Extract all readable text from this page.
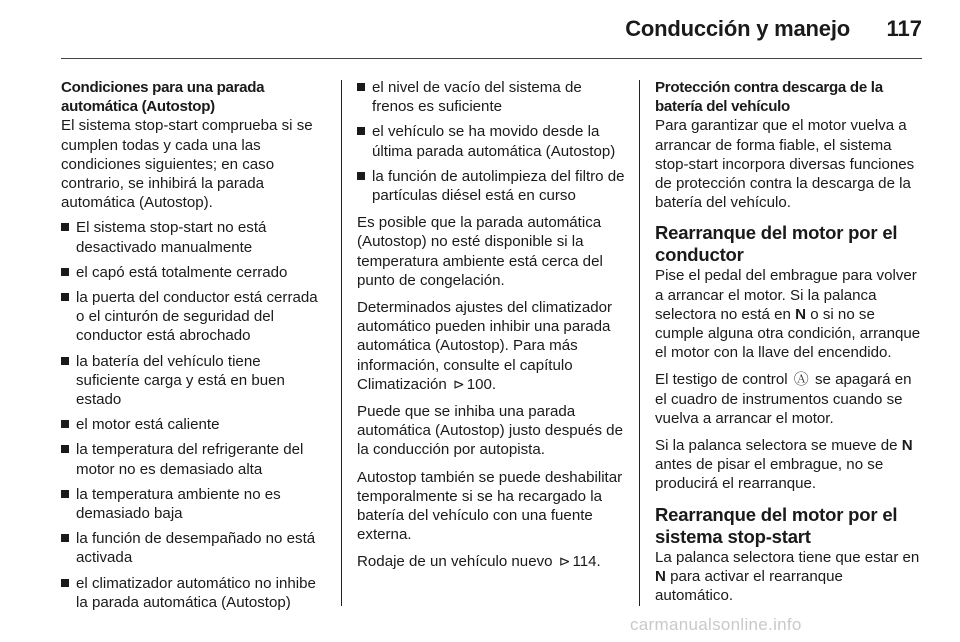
Conducción y manejo 117
Condiciones para una parada automática (Autostop)

El sistema stop-start comprueba si se cumplen todas y cada una las condiciones siguientes; en caso contrario, se inhibirá la parada automática (Autostop).

El sistema stop-start no está desactivado manualmente
el capó está totalmente cerrado
la puerta del conductor está cerrada o el cinturón de seguridad del conductor está abrochado
la batería del vehículo tiene suficiente carga y está en buen estado
el motor está caliente
la temperatura del refrigerante del motor no es demasiado alta
la temperatura ambiente no es demasiado baja
la función de desempañado no está activada
el climatizador automático no inhibe la parada automática (Autostop)
el nivel de vacío del sistema de frenos es suficiente
el vehículo se ha movido desde la última parada automática (Autostop)
la función de autolimpieza del filtro de partículas diésel está en curso

Es posible que la parada automática (Autostop) no esté disponible si la temperatura ambiente está cerca del punto de congelación.

Determinados ajustes del climatizador automático pueden inhibir una parada automática (Autostop). Para más información, consulte el capítulo Climatización ⊳ 100.

Puede que se inhiba una parada automática (Autostop) justo después de la conducción por autopista.

Autostop también se puede deshabilitar temporalmente si se ha recargado la batería del vehículo con una fuente externa.

Rodaje de un vehículo nuevo ⊳ 114.

Protección contra descarga de la batería del vehículo

Para garantizar que el motor vuelva a arrancar de forma fiable, el sistema stop-start incorpora diversas funciones de protección contra la descarga de la batería del vehículo.

Rearranque del motor por el conductor

Pise el pedal del embrague para volver a arrancar el motor. Si la palanca selectora no está en N o si no se cumple alguna otra condición, arranque el motor con la llave del encendido.

El testigo de control Ⓐ se apagará en el cuadro de instrumentos cuando se vuelva a arrancar el motor.

Si la palanca selectora se mueve de N antes de pisar el embrague, no se producirá el rearranque.

Rearranque del motor por el sistema stop-start

La palanca selectora tiene que estar en N para activar el rearranque automático.

carmanualsonline.info
